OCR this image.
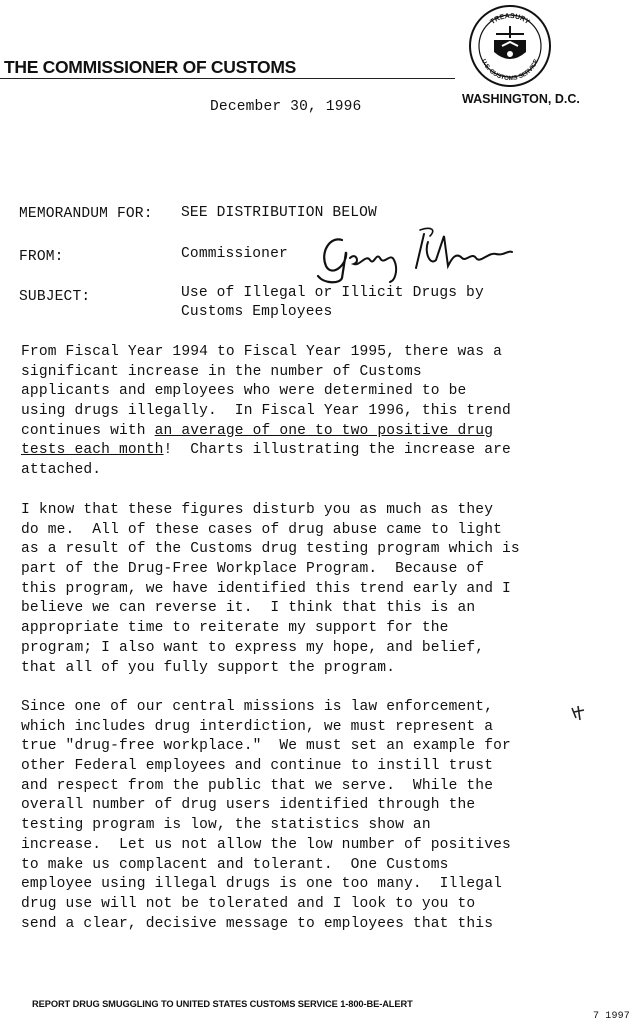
THE COMMISSIONER OF CUSTOMS
WASHINGTON, D.C.
TREASURY
U.S. CUSTOMS SERVICE
December 30, 1996
MEMORANDUM FOR: SEE DISTRIBUTION BELOW
FROM:	Commissioner
SUBJECT:	Use of Illegal or Illicit Drugs by
Customs Employees
From Fiscal Year 1994 to Fiscal Year 1995, there was a
significant increase in the number of Customs
applicants and employees who were determined to be
using drugs illegally.  In Fiscal Year 1996, this trend
continues with an average of one to two positive drug
tests each month!  Charts illustrating the increase are
attached.
I know that these figures disturb you as much as they
do me.  All of these cases of drug abuse came to light
as a result of the Customs drug testing program which is
part of the Drug-Free Workplace Program.  Because of
this program, we have identified this trend early and I
believe we can reverse it.  I think that this is an
appropriate time to reiterate my support for the
program; I also want to express my hope, and belief,
that all of you fully support the program.
Since one of our central missions is law enforcement,
which includes drug interdiction, we must represent a
true "drug-free workplace."  We must set an example for
other Federal employees and continue to instill trust
and respect from the public that we serve.  While the
overall number of drug users identified through the
testing program is low, the statistics show an
increase.  Let us not allow the low number of positives
to make us complacent and tolerant.  One Customs
employee using illegal drugs is one too many.  Illegal
drug use will not be tolerated and I look to you to
send a clear, decisive message to employees that this
REPORT DRUG SMUGGLING TO UNITED STATES CUSTOMS SERVICE 1-800-BE-ALERT
7 1997
